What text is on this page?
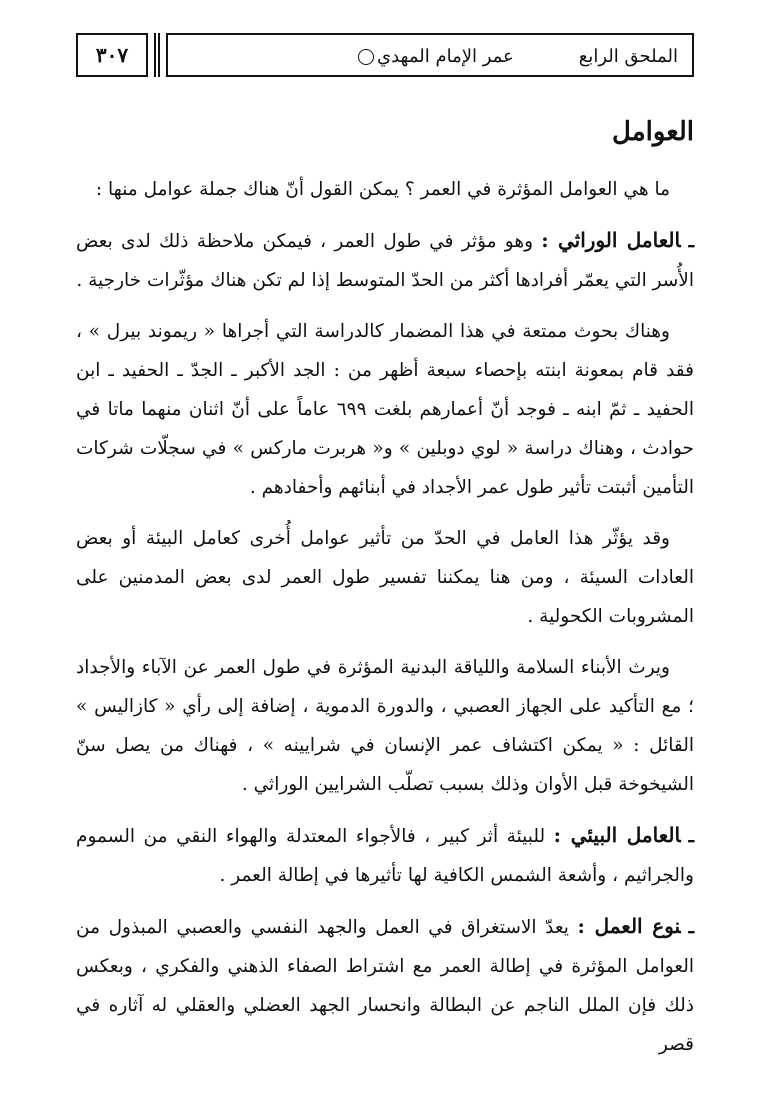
٣٠٧	الملحق الرابع
عمر الإمام المهدي
العوامل

ما هي العوامل المؤثرة في العمر ؟ يمكن القول أنّ هناك جملة عوامل منها :

ـالعامل الوراثي : وهو مؤثر في طول العمر ، فيمكن ملاحظة ذلك لدى بعض الأُسر التي يعمّر أفرادها أكثر من الحدّ المتوسط إذا لم تكن هناك مؤثّرات خارجية .

وهناك بحوث ممتعة في هذا المضمار كالدراسة التي أجراها « ريموند بيرل » ، فقد قام بمعونة ابنته بإحصاء سبعة أظهر من : الجد الأكبر ـ الجدّ ـ الحفيد ـ ابن الحفيد ـ ثمّ ابنه ـ فوجد أنّ أعمارهم بلغت ٦٩٩ عاماً على أنّ اثنان منهما ماتا في حوادث ، وهناك دراسة « لوي دوبلين » و« هربرت ماركس » في سجلّات شركات التأمين أثبتت تأثير طول عمر الأجداد في أبنائهم وأحفادهم .

وقد يؤثّر هذا العامل في الحدّ من تأثير عوامل أُخرى كعامل البيئة أو بعض العادات السيئة ، ومن هنا يمكننا تفسير طول العمر لدى بعض المدمنين على المشروبات الكحولية .

ويرث الأبناء السلامة واللياقة البدنية المؤثرة في طول العمر عن الآباء والأجداد ؛ مع التأكيد على الجهاز العصبي ، والدورة الدموية ، إضافة إلى رأي « كازاليس » القائل : « يمكن اكتشاف عمر الإنسان في شرايينه » ، فهناك من يصل سنّ الشيخوخة قبل الأوان وذلك بسبب تصلّب الشرايين الوراثي .

ـالعامل البيئي : للبيئة أثر كبير ، فالأجواء المعتدلة والهواء النقي من السموم والجراثيم ، وأشعة الشمس الكافية لها تأثيرها في إطالة العمر .

ـنوع العمل : يعدّ الاستغراق في العمل والجهد النفسي والعصبي المبذول من العوامل المؤثرة في إطالة العمر مع اشتراط الصفاء الذهني والفكري ، وبعكس ذلك فإن الملل الناجم عن البطالة وانحسار الجهد العضلي والعقلي له آثاره في قصر
